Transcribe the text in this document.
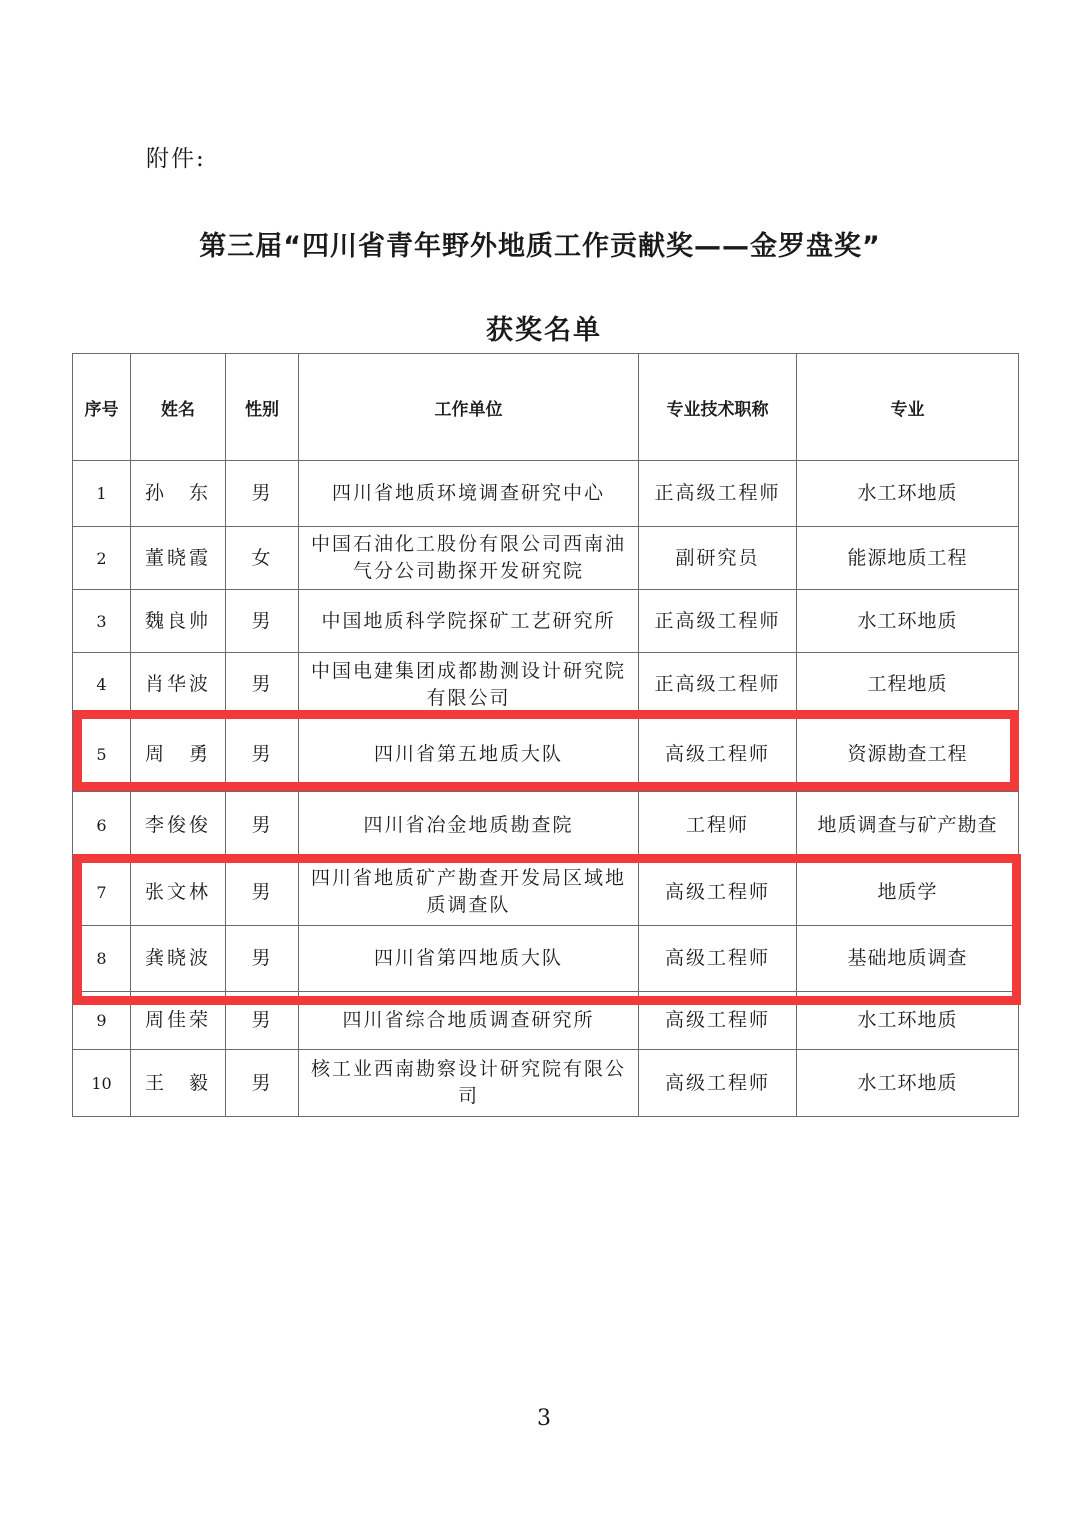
附件:
第三届“四川省青年野外地质工作贡献奖——金罗盘奖”
获奖名单
序号	姓名	性别	工作单位	专业技术职称	专业
1	孙　东	男	四川省地质环境调查研究中心	正高级工程师	水工环地质
2	董晓霞	女	中国石油化工股份有限公司西南油气分公司勘探开发研究院	副研究员	能源地质工程
3	魏良帅	男	中国地质科学院探矿工艺研究所	正高级工程师	水工环地质
4	肖华波	男	中国电建集团成都勘测设计研究院有限公司	正高级工程师	工程地质
5	周　勇	男	四川省第五地质大队	高级工程师	资源勘查工程
6	李俊俊	男	四川省冶金地质勘查院	工程师	地质调查与矿产勘查
7	张文林	男	四川省地质矿产勘查开发局区域地质调查队	高级工程师	地质学
8	龚晓波	男	四川省第四地质大队	高级工程师	基础地质调查
9	周佳荣	男	四川省综合地质调查研究所	高级工程师	水工环地质
10	王　毅	男	核工业西南勘察设计研究院有限公司	高级工程师	水工环地质
3
